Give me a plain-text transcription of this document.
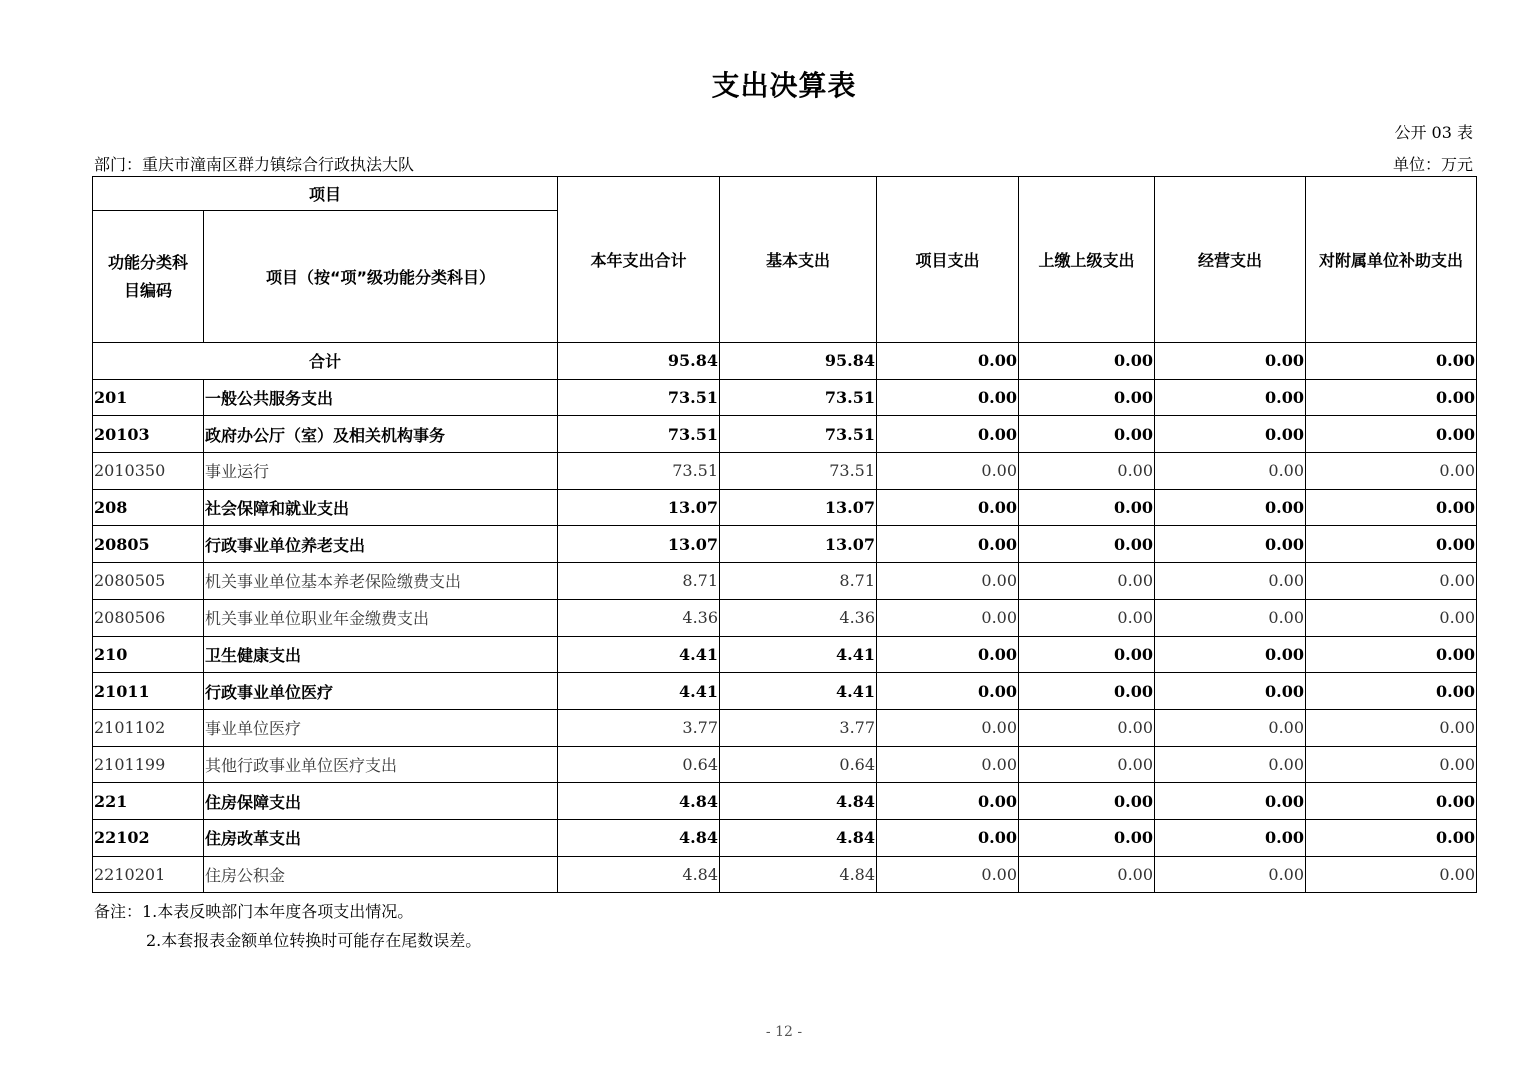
支出决算表
公开 03 表
部门：重庆市潼南区群力镇综合行政执法大队	单位：万元
项目		本年支出合计	基本支出	项目支出	上缴上级支出	经营支出	对附属单位补助支出
功能分类科目编码	项目（按“项”级功能分类科目）						
合计		95.84	95.84	0.00	0.00	0.00	0.00
201	一般公共服务支出	73.51	73.51	0.00	0.00	0.00	0.00
20103	政府办公厅（室）及相关机构事务	73.51	73.51	0.00	0.00	0.00	0.00
2010350	事业运行	73.51	73.51	0.00	0.00	0.00	0.00
208	社会保障和就业支出	13.07	13.07	0.00	0.00	0.00	0.00
20805	行政事业单位养老支出	13.07	13.07	0.00	0.00	0.00	0.00
2080505	机关事业单位基本养老保险缴费支出	8.71	8.71	0.00	0.00	0.00	0.00
2080506	机关事业单位职业年金缴费支出	4.36	4.36	0.00	0.00	0.00	0.00
210	卫生健康支出	4.41	4.41	0.00	0.00	0.00	0.00
21011	行政事业单位医疗	4.41	4.41	0.00	0.00	0.00	0.00
2101102	事业单位医疗	3.77	3.77	0.00	0.00	0.00	0.00
2101199	其他行政事业单位医疗支出	0.64	0.64	0.00	0.00	0.00	0.00
221	住房保障支出	4.84	4.84	0.00	0.00	0.00	0.00
22102	住房改革支出	4.84	4.84	0.00	0.00	0.00	0.00
2210201	住房公积金	4.84	4.84	0.00	0.00	0.00	0.00
备注：1.本表反映部门本年度各项支出情况。
2.本套报表金额单位转换时可能存在尾数误差。
- 12 -
